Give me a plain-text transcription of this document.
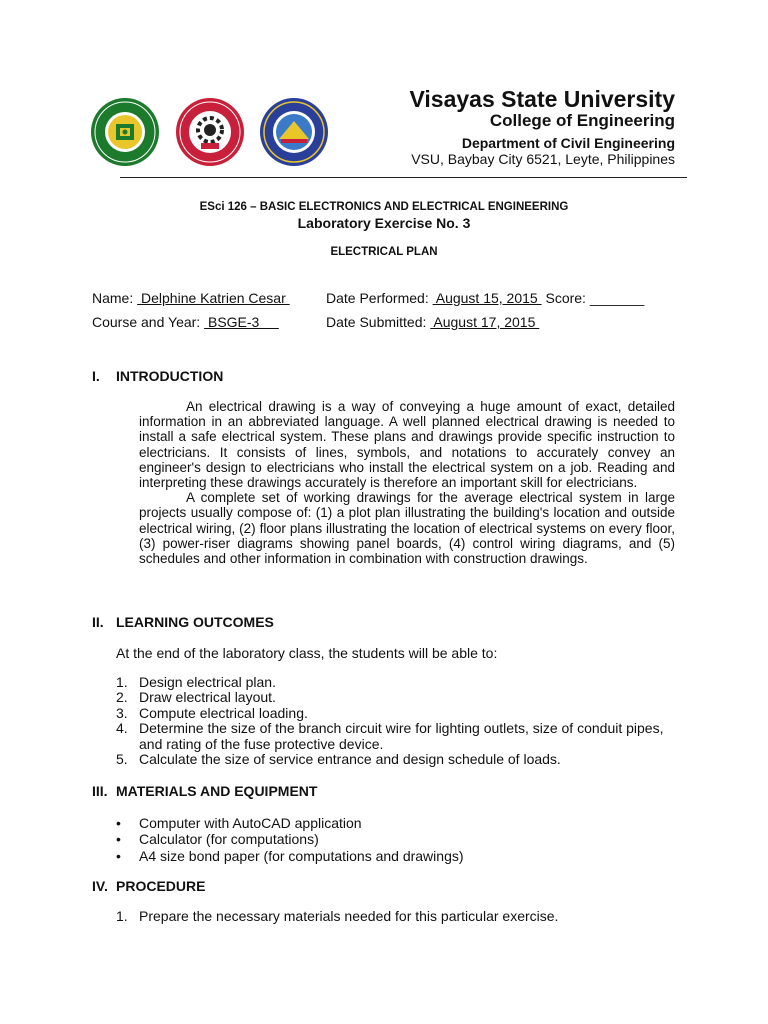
Visayas State University
College of Engineering
Department of Civil Engineering
VSU, Baybay City 6521, Leyte, Philippines
ESci 126 – BASIC ELECTRONICS AND ELECTRICAL ENGINEERING
Laboratory Exercise No. 3
ELECTRICAL PLAN
Name:  Delphine Katrien Cesar	Date Performed:  August 15, 2015  Score: _______
Course and Year:  BSGE-3	Date Submitted:  August 17, 2015
I. INTRODUCTION

An electrical drawing is a way of conveying a huge amount of exact, detailed information in an abbreviated language. A well planned electrical drawing is needed to install a safe electrical system. These plans and drawings provide specific instruction to electricians. It consists of lines, symbols, and notations to accurately convey an engineer's design to electricians who install the electrical system on a job. Reading and interpreting these drawings accurately is therefore an important skill for electricians.

A complete set of working drawings for the average electrical system in large projects usually compose of: (1) a plot plan illustrating the building's location and outside electrical wiring, (2) floor plans illustrating the location of electrical systems on every floor, (3) power-riser diagrams showing panel boards, (4) control wiring diagrams, and (5) schedules and other information in combination with construction drawings.

II. LEARNING OUTCOMES
At the end of the laboratory class, the students will be able to:
1. Design electrical plan.
2. Draw electrical layout.
3. Compute electrical loading.
4. Determine the size of the branch circuit wire for lighting outlets, size of conduit pipes, and rating of the fuse protective device.
5. Calculate the size of service entrance and design schedule of loads.
III. MATERIALS AND EQUIPMENT
•	Computer with AutoCAD application
•	Calculator (for computations)
•	A4 size bond paper (for computations and drawings)
IV. PROCEDURE
1. Prepare the necessary materials needed for this particular exercise.
